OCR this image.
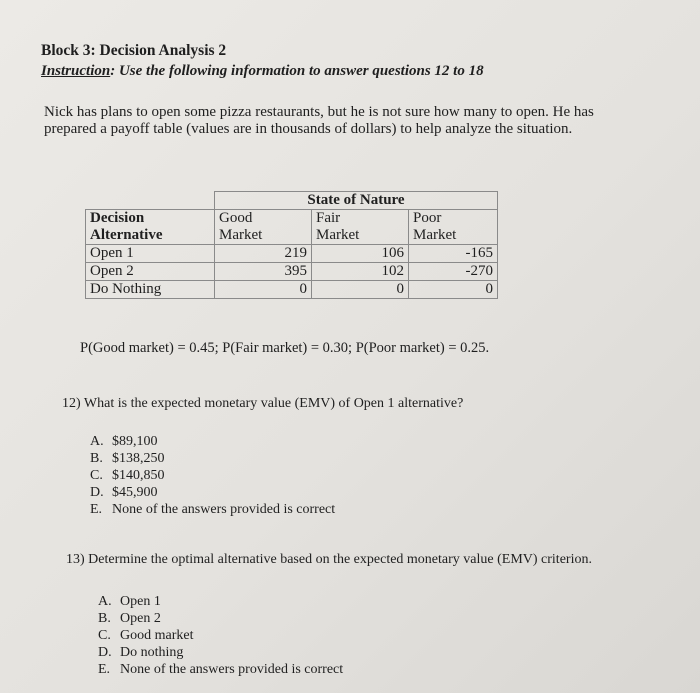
Block 3: Decision Analysis 2
Instruction: Use the following information to answer questions 12 to 18
Nick has plans to open some pizza restaurants, but he is not sure how many to open. He has prepared a payoff table (values are in thousands of dollars) to help analyze the situation.
	State of Nature		
Decision	Good	Fair	Poor
Alternative	Market	Market	Market
Open 1	219	106	-165
Open 2	395	102	-270
Do Nothing	0	0	0
P(Good market) = 0.45; P(Fair market) = 0.30; P(Poor market) = 0.25.
12) What is the expected monetary value (EMV) of Open 1 alternative?
A. $89,100
B. $138,250
C. $140,850
D. $45,900
E. None of the answers provided is correct
13) Determine the optimal alternative based on the expected monetary value (EMV) criterion.
A. Open 1
B. Open 2
C. Good market
D. Do nothing
E. None of the answers provided is correct
